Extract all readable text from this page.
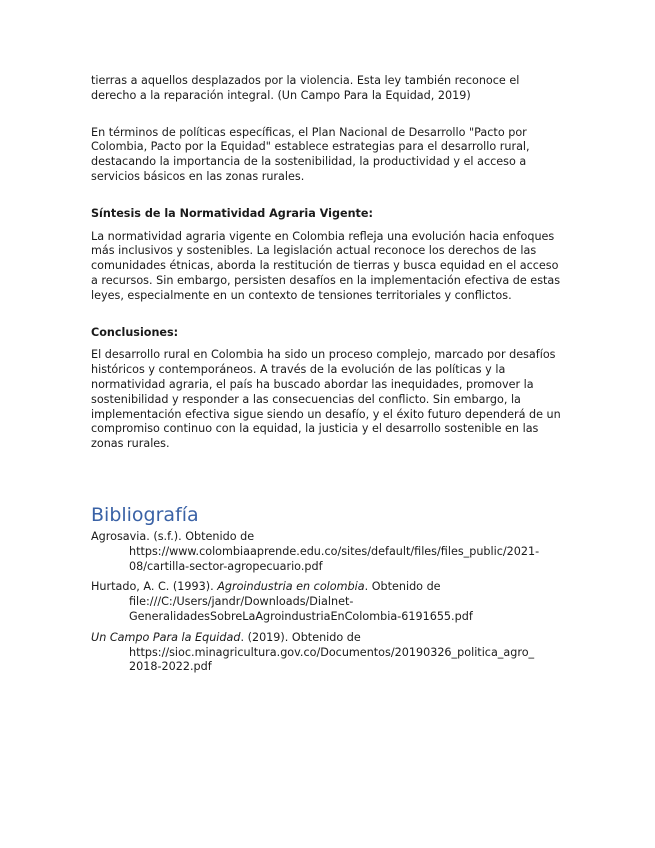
tierras a aquellos desplazados por la violencia. Esta ley también reconoce el derecho a la reparación integral. (Un Campo Para la Equidad, 2019)

En términos de políticas específicas, el Plan Nacional de Desarrollo "Pacto por Colombia, Pacto por la Equidad" establece estrategias para el desarrollo rural, destacando la importancia de la sostenibilidad, la productividad y el acceso a servicios básicos en las zonas rurales.

Síntesis de la Normatividad Agraria Vigente:

La normatividad agraria vigente en Colombia refleja una evolución hacia enfoques más inclusivos y sostenibles. La legislación actual reconoce los derechos de las comunidades étnicas, aborda la restitución de tierras y busca equidad en el acceso a recursos. Sin embargo, persisten desafíos en la implementación efectiva de estas leyes, especialmente en un contexto de tensiones territoriales y conflictos.

Conclusiones:

El desarrollo rural en Colombia ha sido un proceso complejo, marcado por desafíos históricos y contemporáneos. A través de la evolución de las políticas y la normatividad agraria, el país ha buscado abordar las inequidades, promover la sostenibilidad y responder a las consecuencias del conflicto. Sin embargo, la implementación efectiva sigue siendo un desafío, y el éxito futuro dependerá de un compromiso continuo con la equidad, la justicia y el desarrollo sostenible en las zonas rurales.

Bibliografía
Agrosavia. (s.f.). Obtenido de
https://www.colombiaaprende.edu.co/sites/default/files/files_public/2021-
08/cartilla-sector-agropecuario.pdf
Hurtado, A. C. (1993). Agroindustria en colombia. Obtenido de
file:///C:/Users/jandr/Downloads/Dialnet-
GeneralidadesSobreLaAgroindustriaEnColombia-6191655.pdf
Un Campo Para la Equidad. (2019). Obtenido de
https://sioc.minagricultura.gov.co/Documentos/20190326_politica_agro_
2018-2022.pdf
